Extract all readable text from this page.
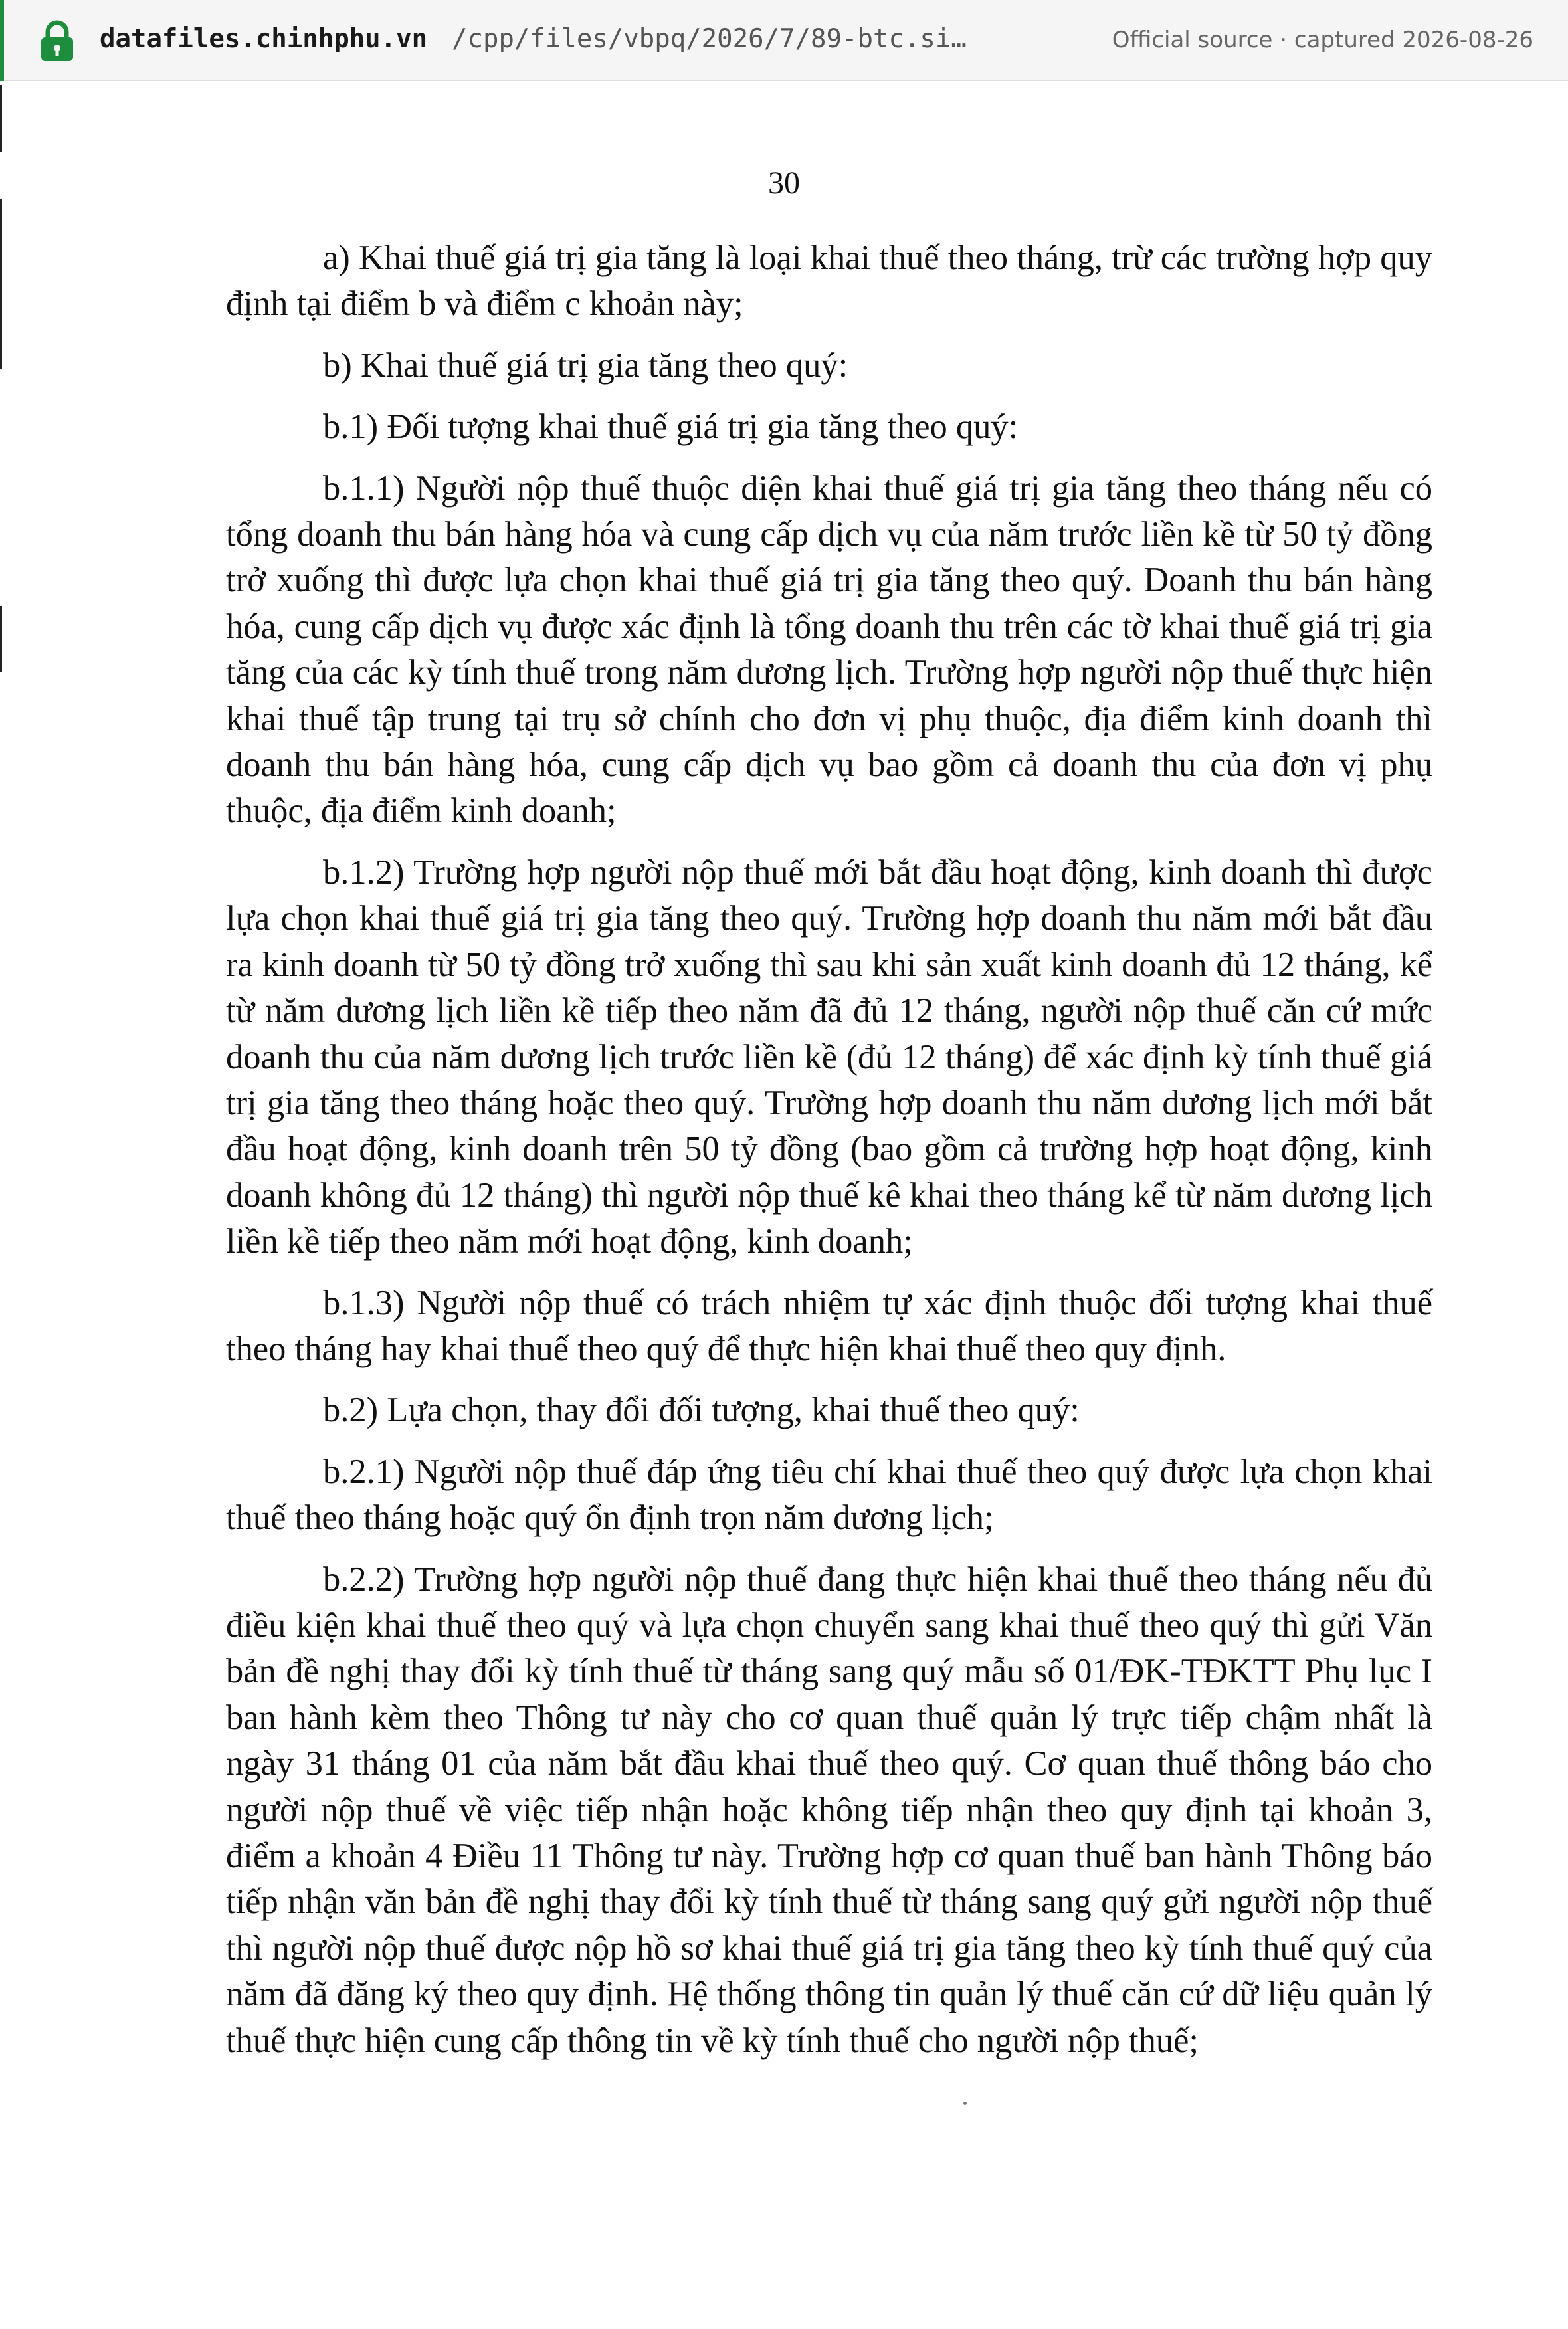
datafiles.chinhphu.vn /cpp/files/vbpq/2026/7/89-btc.si…	Official source · captured 2026-08-26
30

a) Khai thuế giá trị gia tăng là loại khai thuế theo tháng, trừ các trường hợp quy định tại điểm b và điểm c khoản này;

b) Khai thuế giá trị gia tăng theo quý:

b.1) Đối tượng khai thuế giá trị gia tăng theo quý:

b.1.1) Người nộp thuế thuộc diện khai thuế giá trị gia tăng theo tháng nếu có tổng doanh thu bán hàng hóa và cung cấp dịch vụ của năm trước liền kề từ 50 tỷ đồng trở xuống thì được lựa chọn khai thuế giá trị gia tăng theo quý. Doanh thu bán hàng hóa, cung cấp dịch vụ được xác định là tổng doanh thu trên các tờ khai thuế giá trị gia tăng của các kỳ tính thuế trong năm dương lịch. Trường hợp người nộp thuế thực hiện khai thuế tập trung tại trụ sở chính cho đơn vị phụ thuộc, địa điểm kinh doanh thì doanh thu bán hàng hóa, cung cấp dịch vụ bao gồm cả doanh thu của đơn vị phụ thuộc, địa điểm kinh doanh;

b.1.2) Trường hợp người nộp thuế mới bắt đầu hoạt động, kinh doanh thì được lựa chọn khai thuế giá trị gia tăng theo quý. Trường hợp doanh thu năm mới bắt đầu ra kinh doanh từ 50 tỷ đồng trở xuống thì sau khi sản xuất kinh doanh đủ 12 tháng, kể từ năm dương lịch liền kề tiếp theo năm đã đủ 12 tháng, người nộp thuế căn cứ mức doanh thu của năm dương lịch trước liền kề (đủ 12 tháng) để xác định kỳ tính thuế giá trị gia tăng theo tháng hoặc theo quý. Trường hợp doanh thu năm dương lịch mới bắt đầu hoạt động, kinh doanh trên 50 tỷ đồng (bao gồm cả trường hợp hoạt động, kinh doanh không đủ 12 tháng) thì người nộp thuế kê khai theo tháng kể từ năm dương lịch liền kề tiếp theo năm mới hoạt động, kinh doanh;

b.1.3) Người nộp thuế có trách nhiệm tự xác định thuộc đối tượng khai thuế theo tháng hay khai thuế theo quý để thực hiện khai thuế theo quy định.

b.2) Lựa chọn, thay đổi đối tượng, khai thuế theo quý:

b.2.1) Người nộp thuế đáp ứng tiêu chí khai thuế theo quý được lựa chọn khai thuế theo tháng hoặc quý ổn định trọn năm dương lịch;

b.2.2) Trường hợp người nộp thuế đang thực hiện khai thuế theo tháng nếu đủ điều kiện khai thuế theo quý và lựa chọn chuyển sang khai thuế theo quý thì gửi Văn bản đề nghị thay đổi kỳ tính thuế từ tháng sang quý mẫu số 01/ĐK-TĐKTT Phụ lục I ban hành kèm theo Thông tư này cho cơ quan thuế quản lý trực tiếp chậm nhất là ngày 31 tháng 01 của năm bắt đầu khai thuế theo quý. Cơ quan thuế thông báo cho người nộp thuế về việc tiếp nhận hoặc không tiếp nhận theo quy định tại khoản 3, điểm a khoản 4 Điều 11 Thông tư này. Trường hợp cơ quan thuế ban hành Thông báo tiếp nhận văn bản đề nghị thay đổi kỳ tính thuế từ tháng sang quý gửi người nộp thuế thì người nộp thuế được nộp hồ sơ khai thuế giá trị gia tăng theo kỳ tính thuế quý của năm đã đăng ký theo quy định. Hệ thống thông tin quản lý thuế căn cứ dữ liệu quản lý thuế thực hiện cung cấp thông tin về kỳ tính thuế cho người nộp thuế;
